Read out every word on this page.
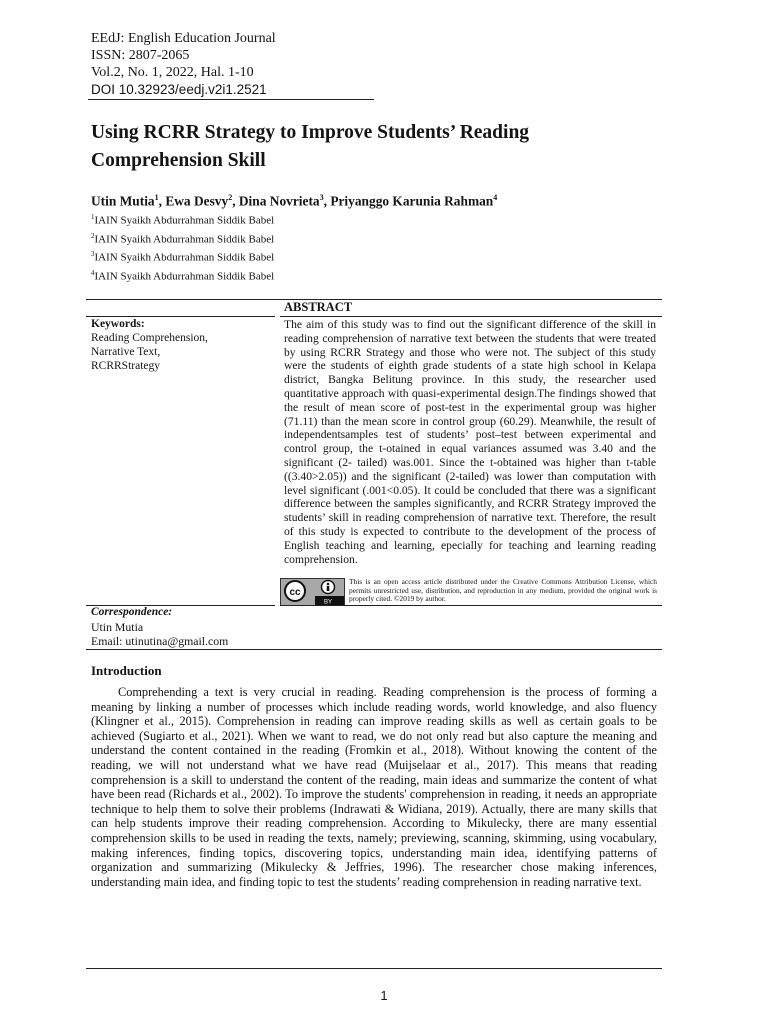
EEdJ: English Education Journal
ISSN: 2807-2065
Vol.2, No. 1, 2022, Hal. 1-10
DOI 10.32923/eedj.v2i1.2521
Using RCRR Strategy to Improve Students’ Reading
Comprehension Skill
Utin Mutia$^1$, Ewa Desvy$^2$, Dina Novrieta$^3$, Priyanggo Karunia Rahman$^4$
$^1$IAIN Syaikh Abdurrahman Siddik Babel
$^2$IAIN Syaikh Abdurrahman Siddik Babel
$^3$IAIN Syaikh Abdurrahman Siddik Babel
$^4$IAIN Syaikh Abdurrahman Siddik Babel
ABSTRACT
Keywords:
Reading Comprehension,
Narrative Text,
RCRRStrategy
The aim of this study was to find out the significant difference of the skill in reading comprehension of narrative text between the students that were treated by using RCRR Strategy and those who were not. The subject of this study were the students of eighth grade students of a state high school in Kelapa district, Bangka Belitung province. In this study, the researcher used quantitative approach with quasi-experimental design.The findings showed that the result of mean score of post-test in the experimental group was higher (71.11) than the mean score in control group (60.29). Meanwhile, the result of independentsamples test of students’ post–test between experimental and control group, the t-otained in equal variances assumed was 3.40 and the significant (2- tailed) was.001. Since the t-obtained was higher than t-table ((3.40>2.05)) and the significant (2-tailed) was lower than computation with level significant (.001<0.05). It could be concluded that there was a significant difference between the samples significantly, and RCRR Strategy improved the students’ skill in reading comprehension of narrative text. Therefore, the result of this study is expected to contribute to the development of the process of English teaching and learning, epecially for teaching and learning reading comprehension.
cc
BY
This is an open access article distributed under the Creative Commons Attribution License, which permits unrestricted use, distribution, and reproduction in any medium, provided the original work is properly cited. ©2019 by author.
Correspondence:
Utin Mutia
Email: utinutina@gmail.com
Introduction

Comprehending a text is very crucial in reading. Reading comprehension is the process of forming a meaning by linking a number of processes which include reading words, world knowledge, and also fluency (Klingner et al., 2015). Comprehension in reading can improve reading skills as well as certain goals to be achieved (Sugiarto et al., 2021). When we want to read, we do not only read but also capture the meaning and understand the content contained in the reading (Fromkin et al., 2018). Without knowing the content of the reading, we will not understand what we have read (Muijselaar et al., 2017). This means that reading comprehension is a skill to understand the content of the reading, main ideas and summarize the content of what have been read (Richards et al., 2002). To improve the students' comprehension in reading, it needs an appropriate technique to help them to solve their problems (Indrawati & Widiana, 2019). Actually, there are many skills that can help students improve their reading comprehension. According to Mikulecky, there are many essential comprehension skills to be used in reading the texts, namely; previewing, scanning, skimming, using vocabulary, making inferences, finding topics, discovering topics, understanding main idea, identifying patterns of organization and summarizing (Mikulecky & Jeffries, 1996). The researcher chose making inferences, understanding main idea, and finding topic to test the students’ reading comprehension in reading narrative text.

1
